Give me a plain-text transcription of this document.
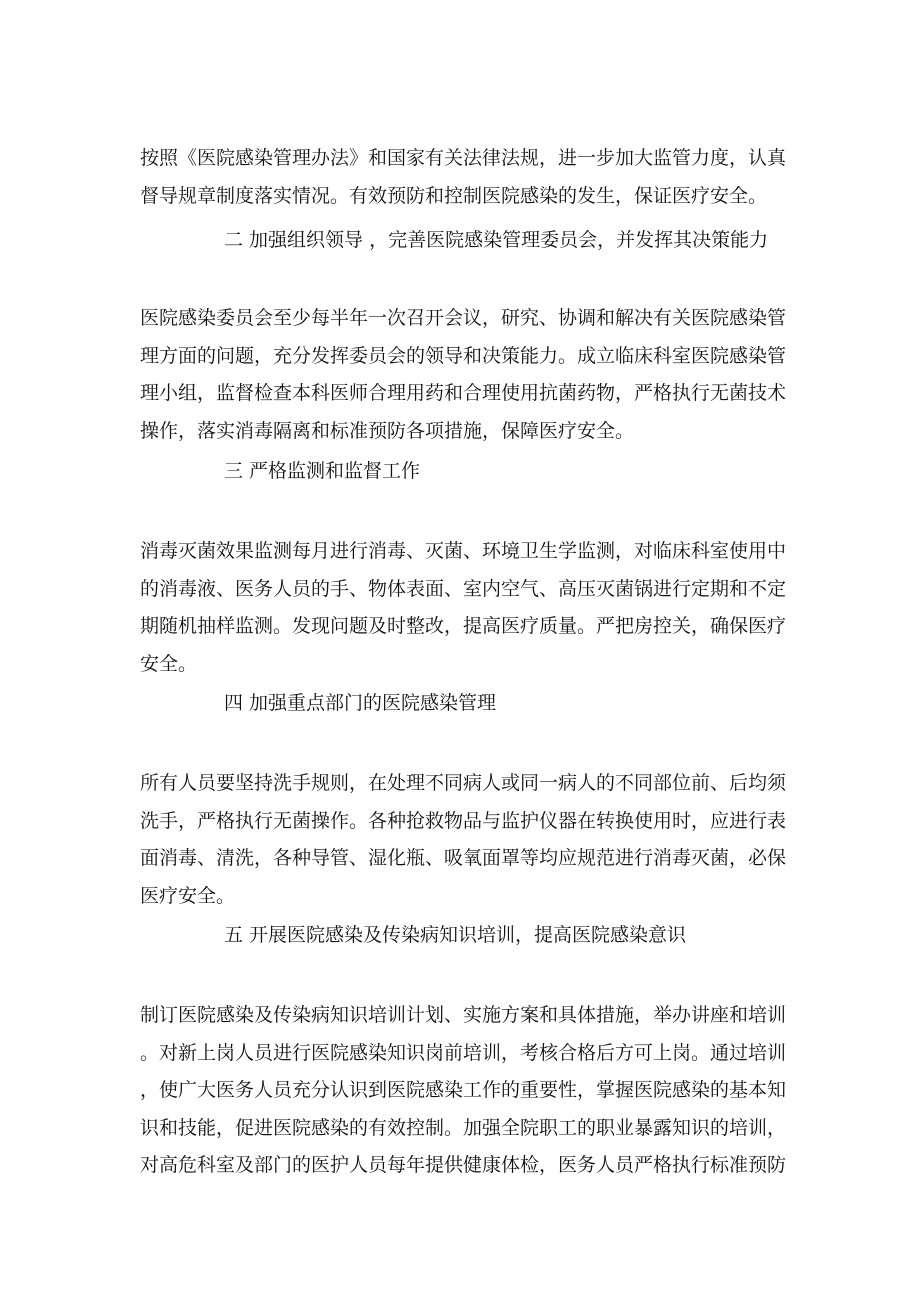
按照《医院感染管理办法》和国家有关法律法规，进一步加大监管力度，认真
督导规章制度落实情况。有效预防和控制医院感染的发生，保证医疗安全。
二 加强组织领导 ，完善医院感染管理委员会，并发挥其决策能力
医院感染委员会至少每半年一次召开会议，研究、协调和解决有关医院感染管
理方面的问题，充分发挥委员会的领导和决策能力。成立临床科室医院感染管
理小组，监督检查本科医师合理用药和合理使用抗菌药物，严格执行无菌技术
操作，落实消毒隔离和标准预防各项措施，保障医疗安全。
三 严格监测和监督工作
消毒灭菌效果监测每月进行消毒、灭菌、环境卫生学监测，对临床科室使用中
的消毒液、医务人员的手、物体表面、室内空气、高压灭菌锅进行定期和不定
期随机抽样监测。发现问题及时整改，提高医疗质量。严把房控关，确保医疗
安全。
四 加强重点部门的医院感染管理
所有人员要坚持洗手规则，在处理不同病人或同一病人的不同部位前、后均须
洗手，严格执行无菌操作。各种抢救物品与监护仪器在转换使用时，应进行表
面消毒、清洗，各种导管、湿化瓶、吸氧面罩等均应规范进行消毒灭菌，必保
医疗安全。
五 开展医院感染及传染病知识培训，提高医院感染意识
制订医院感染及传染病知识培训计划、实施方案和具体措施，举办讲座和培训
。对新上岗人员进行医院感染知识岗前培训，考核合格后方可上岗。通过培训
，使广大医务人员充分认识到医院感染工作的重要性，掌握医院感染的基本知
识和技能，促进医院感染的有效控制。加强全院职工的职业暴露知识的培训，
对高危科室及部门的医护人员每年提供健康体检，医务人员严格执行标准预防
